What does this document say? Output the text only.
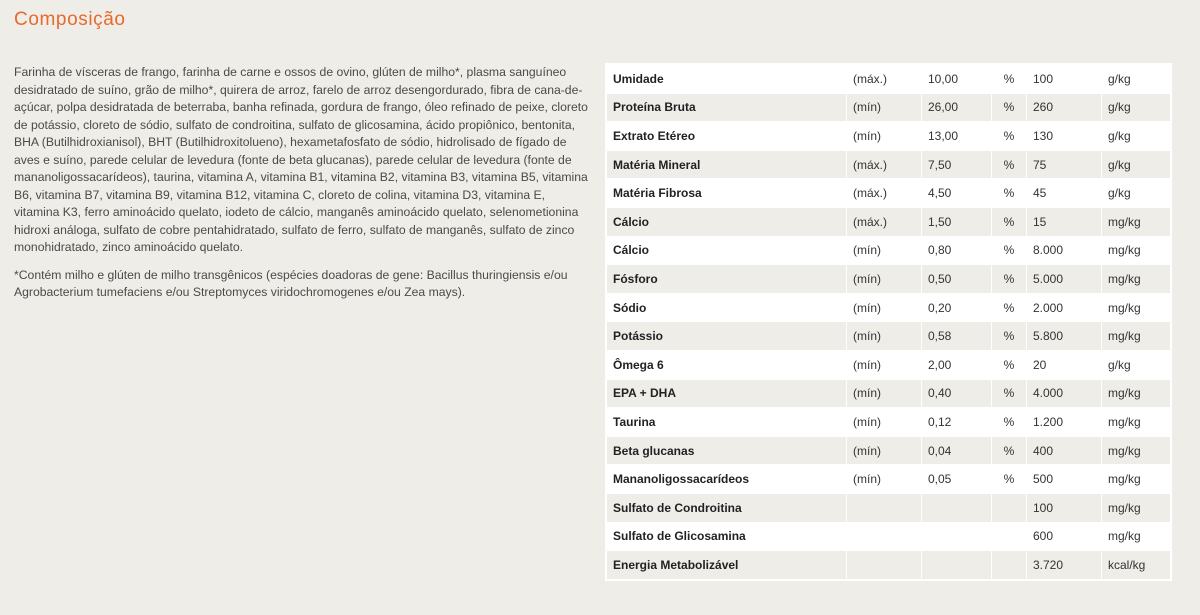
Composição

Farinha de vísceras de frango, farinha de carne e ossos de ovino, glúten de milho*, plasma sanguíneo desidratado de suíno, grão de milho*, quirera de arroz, farelo de arroz desengordurado, fibra de cana-de-açúcar, polpa desidratada de beterraba, banha refinada, gordura de frango, óleo refinado de peixe, cloreto de potássio, cloreto de sódio, sulfato de condroitina, sulfato de glicosamina, ácido propiônico, bentonita, BHA (Butilhidroxianisol), BHT (Butilhidroxitolueno), hexametafosfato de sódio, hidrolisado de fígado de aves e suíno, parede celular de levedura (fonte de beta glucanas), parede celular de levedura (fonte de mananoligossacarídeos), taurina, vitamina A, vitamina B1, vitamina B2, vitamina B3, vitamina B5, vitamina B6, vitamina B7, vitamina B9, vitamina B12, vitamina C, cloreto de colina, vitamina D3, vitamina E, vitamina K3, ferro aminoácido quelato, iodeto de cálcio, manganês aminoácido quelato, selenometionina hidroxi análoga, sulfato de cobre pentahidratado, sulfato de ferro, sulfato de manganês, sulfato de zinco monohidratado, zinco aminoácido quelato.

*Contém milho e glúten de milho transgênicos (espécies doadoras de gene: Bacillus thuringiensis e/ou Agrobacterium tumefaciens e/ou Streptomyces viridochromogenes e/ou Zea mays).

Umidade	(máx.)	10,00	%	100	g/kg
Proteína Bruta	(mín)	26,00	%	260	g/kg
Extrato Etéreo	(mín)	13,00	%	130	g/kg
Matéria Mineral	(máx.)	7,50	%	75	g/kg
Matéria Fibrosa	(máx.)	4,50	%	45	g/kg
Cálcio	(máx.)	1,50	%	15	mg/kg
Cálcio	(mín)	0,80	%	8.000	mg/kg
Fósforo	(mín)	0,50	%	5.000	mg/kg
Sódio	(mín)	0,20	%	2.000	mg/kg
Potássio	(mín)	0,58	%	5.800	mg/kg
Ômega 6	(mín)	2,00	%	20	g/kg
EPA + DHA	(mín)	0,40	%	4.000	mg/kg
Taurina	(mín)	0,12	%	1.200	mg/kg
Beta glucanas	(mín)	0,04	%	400	mg/kg
Mananoligossacarídeos	(mín)	0,05	%	500	mg/kg
Sulfato de Condroitina				100	mg/kg
Sulfato de Glicosamina				600	mg/kg
Energia Metabolizável				3.720	kcal/kg
